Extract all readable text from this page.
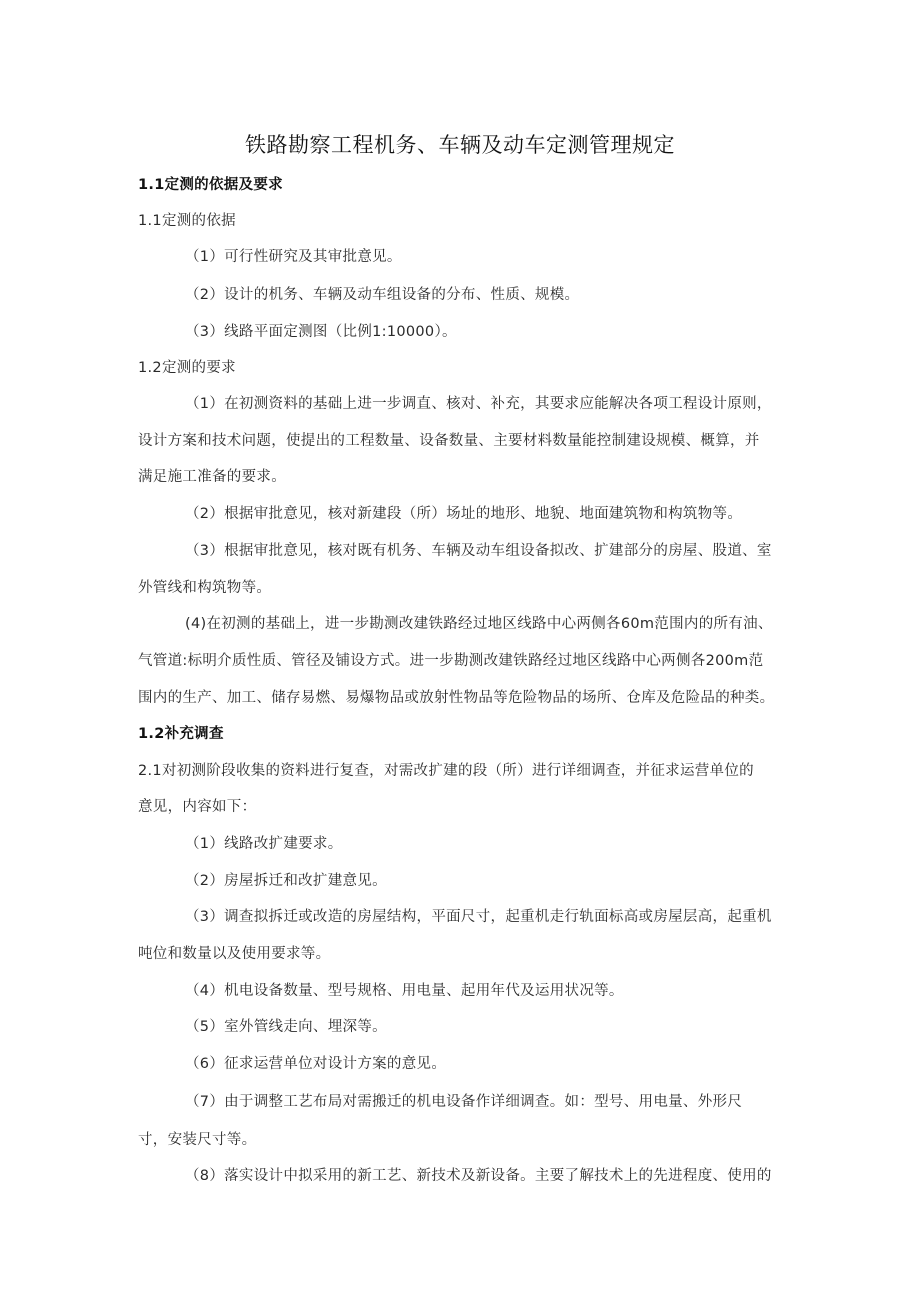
铁路勘察工程机务、车辆及动车定测管理规定
1.1定测的依据及要求
1.1定测的依据
（1）可行性研究及其审批意见。
（2）设计的机务、车辆及动车组设备的分布、性质、规模。
（3）线路平面定测图（比例1:10000）。
1.2定测的要求
（1）在初测资料的基础上进一步调直、核对、补充，其要求应能解决各项工程设计原则，
设计方案和技术问题，使提出的工程数量、设备数量、主要材料数量能控制建设规模、概算，并
满足施工准备的要求。
（2）根据审批意见，核对新建段（所）场址的地形、地貌、地面建筑物和构筑物等。
（3）根据审批意见，核对既有机务、车辆及动车组设备拟改、扩建部分的房屋、股道、室
外管线和构筑物等。
(4)在初测的基础上，进一步勘测改建铁路经过地区线路中心两侧各60m范围内的所有油、
气管道:标明介质性质、管径及铺设方式。进一步勘测改建铁路经过地区线路中心两侧各200m范
围内的生产、加工、储存易燃、易爆物品或放射性物品等危险物品的场所、仓库及危险品的种类。
1.2补充调查
2.1对初测阶段收集的资料进行复查，对需改扩建的段（所）进行详细调查，并征求运营单位的
意见，内容如下：
（1）线路改扩建要求。
（2）房屋拆迁和改扩建意见。
（3）调查拟拆迁或改造的房屋结构，平面尺寸，起重机走行轨面标高或房屋层高，起重机
吨位和数量以及使用要求等。
（4）机电设备数量、型号规格、用电量、起用年代及运用状况等。
（5）室外管线走向、埋深等。
（6）征求运营单位对设计方案的意见。
（7）由于调整工艺布局对需搬迁的机电设备作详细调查。如：型号、用电量、外形尺
寸，安装尺寸等。
（8）落实设计中拟采用的新工艺、新技术及新设备。主要了解技术上的先进程度、使用的
